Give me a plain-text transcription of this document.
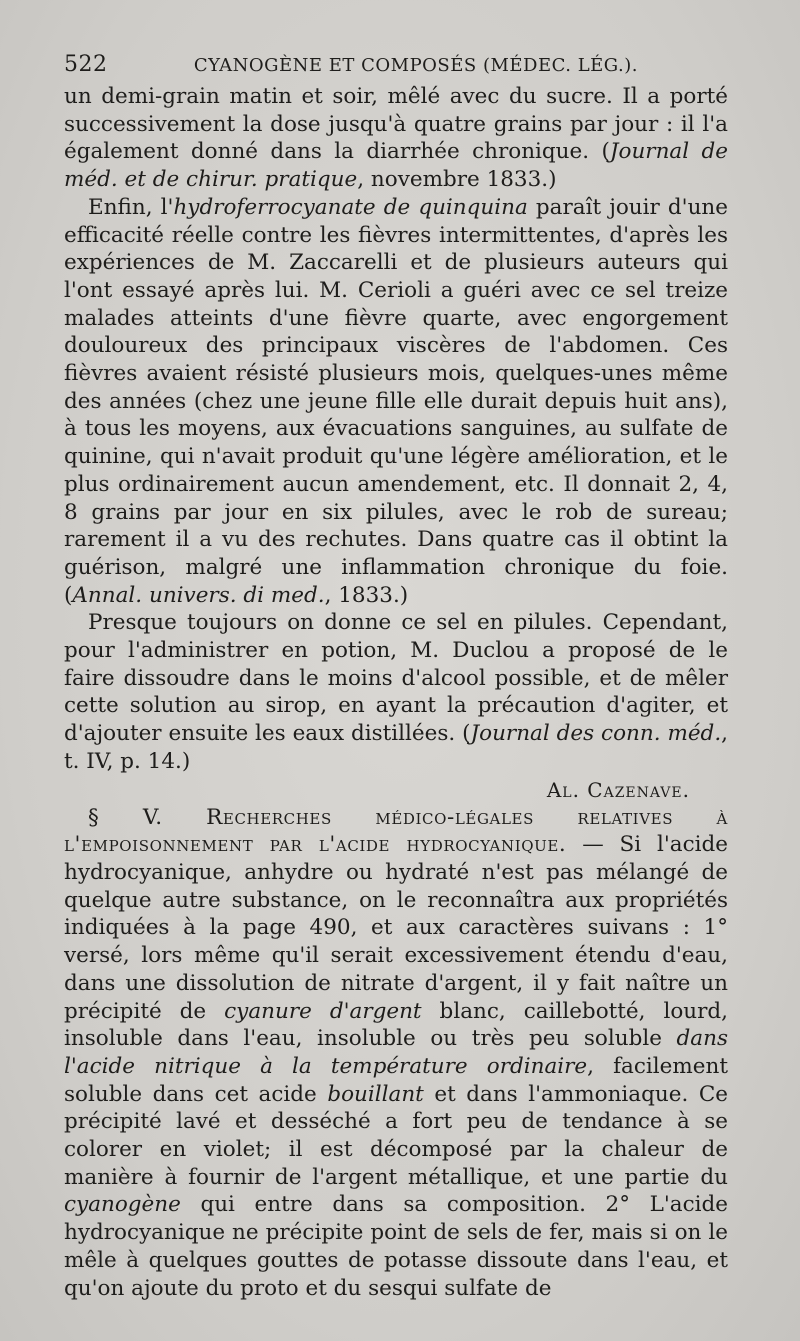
522	CYANOGÈNE ET COMPOSÉS (MÉDEC. LÉG.).

un demi-grain matin et soir, mêlé avec du sucre. Il a porté successivement la dose jusqu'à quatre grains par jour : il l'a également donné dans la diarrhée chronique. (Journal de méd. et de chirur. pratique, novembre 1833.)

Enfin, l'hydroferrocyanate de quinquina paraît jouir d'une efficacité réelle contre les fièvres intermittentes, d'après les expériences de M. Zaccarelli et de plusieurs auteurs qui l'ont essayé après lui. M. Cerioli a guéri avec ce sel treize malades atteints d'une fièvre quarte, avec engorgement douloureux des principaux viscères de l'abdomen. Ces fièvres avaient résisté plusieurs mois, quelques-unes même des années (chez une jeune fille elle durait depuis huit ans), à tous les moyens, aux évacuations sanguines, au sulfate de quinine, qui n'avait produit qu'une légère amélioration, et le plus ordinairement aucun amendement, etc. Il donnait 2, 4, 8 grains par jour en six pilules, avec le rob de sureau; rarement il a vu des rechutes. Dans quatre cas il obtint la guérison, malgré une inflammation chronique du foie. (Annal. univers. di med., 1833.)

Presque toujours on donne ce sel en pilules. Cependant, pour l'administrer en potion, M. Duclou a proposé de le faire dissoudre dans le moins d'alcool possible, et de mêler cette solution au sirop, en ayant la précaution d'agiter, et d'ajouter ensuite les eaux distillées. (Journal des conn. méd., t. IV, p. 14.)

Al. Cazenave.

§ V. Recherches médico-légales relatives à l'empoisonnement par l'acide hydrocyanique. — Si l'acide hydrocyanique, anhydre ou hydraté n'est pas mélangé de quelque autre substance, on le reconnaîtra aux propriétés indiquées à la page 490, et aux caractères suivans : 1° versé, lors même qu'il serait excessivement étendu d'eau, dans une dissolution de nitrate d'argent, il y fait naître un précipité de cyanure d'argent blanc, caillebotté, lourd, insoluble dans l'eau, insoluble ou très peu soluble dans l'acide nitrique à la température ordinaire, facilement soluble dans cet acide bouillant et dans l'ammoniaque. Ce précipité lavé et desséché a fort peu de tendance à se colorer en violet; il est décomposé par la chaleur de manière à fournir de l'argent métallique, et une partie du cyanogène qui entre dans sa composition. 2° L'acide hydrocyanique ne précipite point de sels de fer, mais si on le mêle à quelques gouttes de potasse dissoute dans l'eau, et qu'on ajoute du proto et du sesqui sulfate de
